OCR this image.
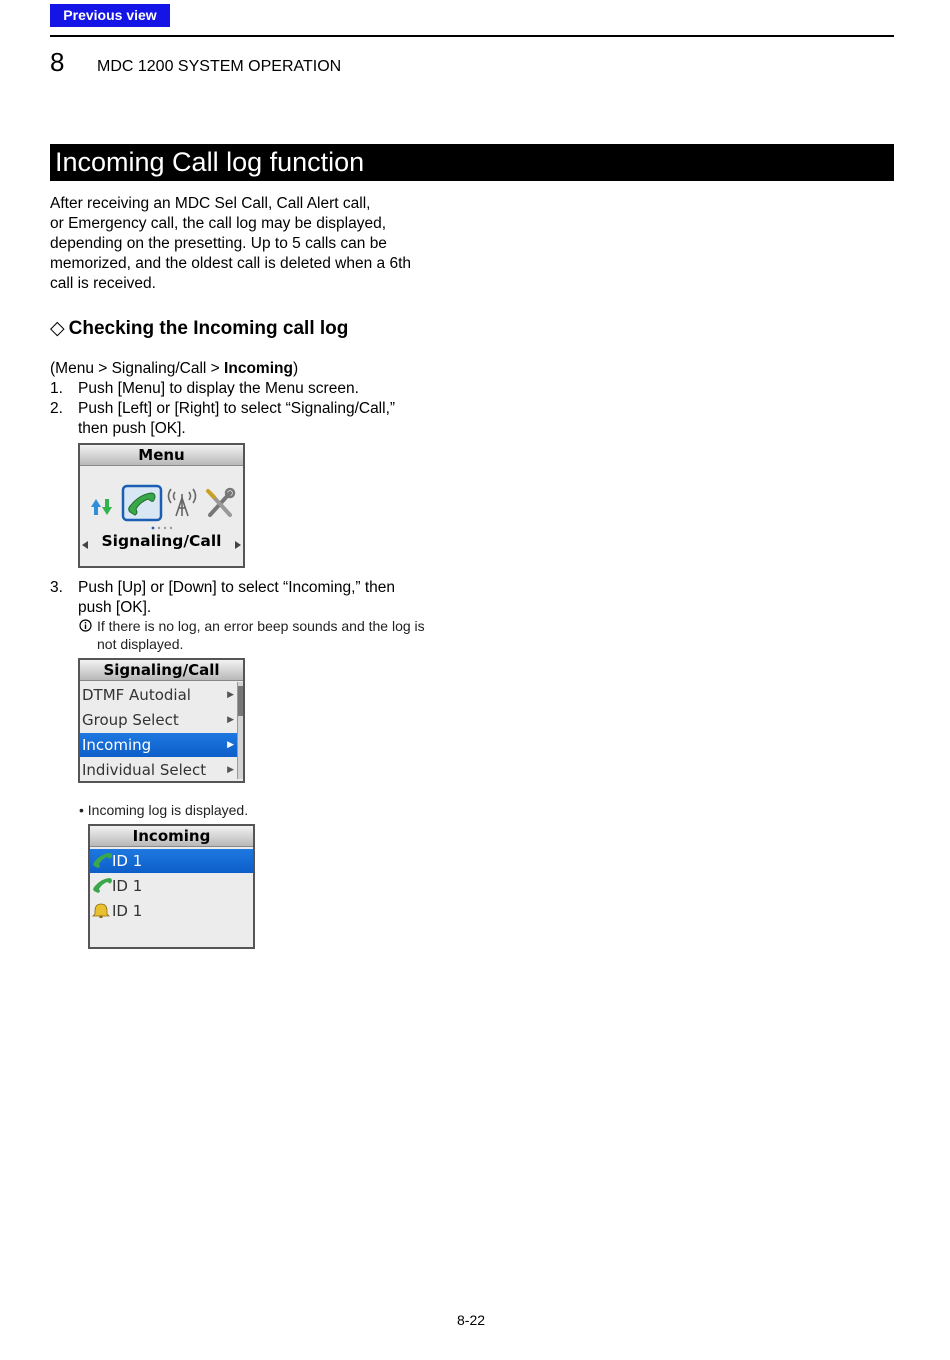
Previous view
8 MDC 1200 SYSTEM OPERATION
Incoming Call log function
After receiving an MDC Sel Call, Call Alert call,
or Emergency call, the call log may be displayed,
depending on the presetting. Up to 5 calls can be
memorized, and the oldest call is deleted when a 6th
call is received.
◇ Checking the Incoming call log
(Menu > Signaling/Call > Incoming)
1. Push [Menu] to display the Menu screen.
2. Push [Left] or [Right] to select “Signaling/Call,”
then push [OK].
Menu
Signaling/Call
3. Push [Up] or [Down] to select “Incoming,” then
push [OK].
If there is no log, an error beep sounds and the log is
not displayed.
Signaling/Call
DTMF Autodial	▶
Group Select	▶
Incoming	▶
Individual Select ▶
• Incoming log is displayed.
Incoming
ID 1
ID 1
ID 1
8-22
